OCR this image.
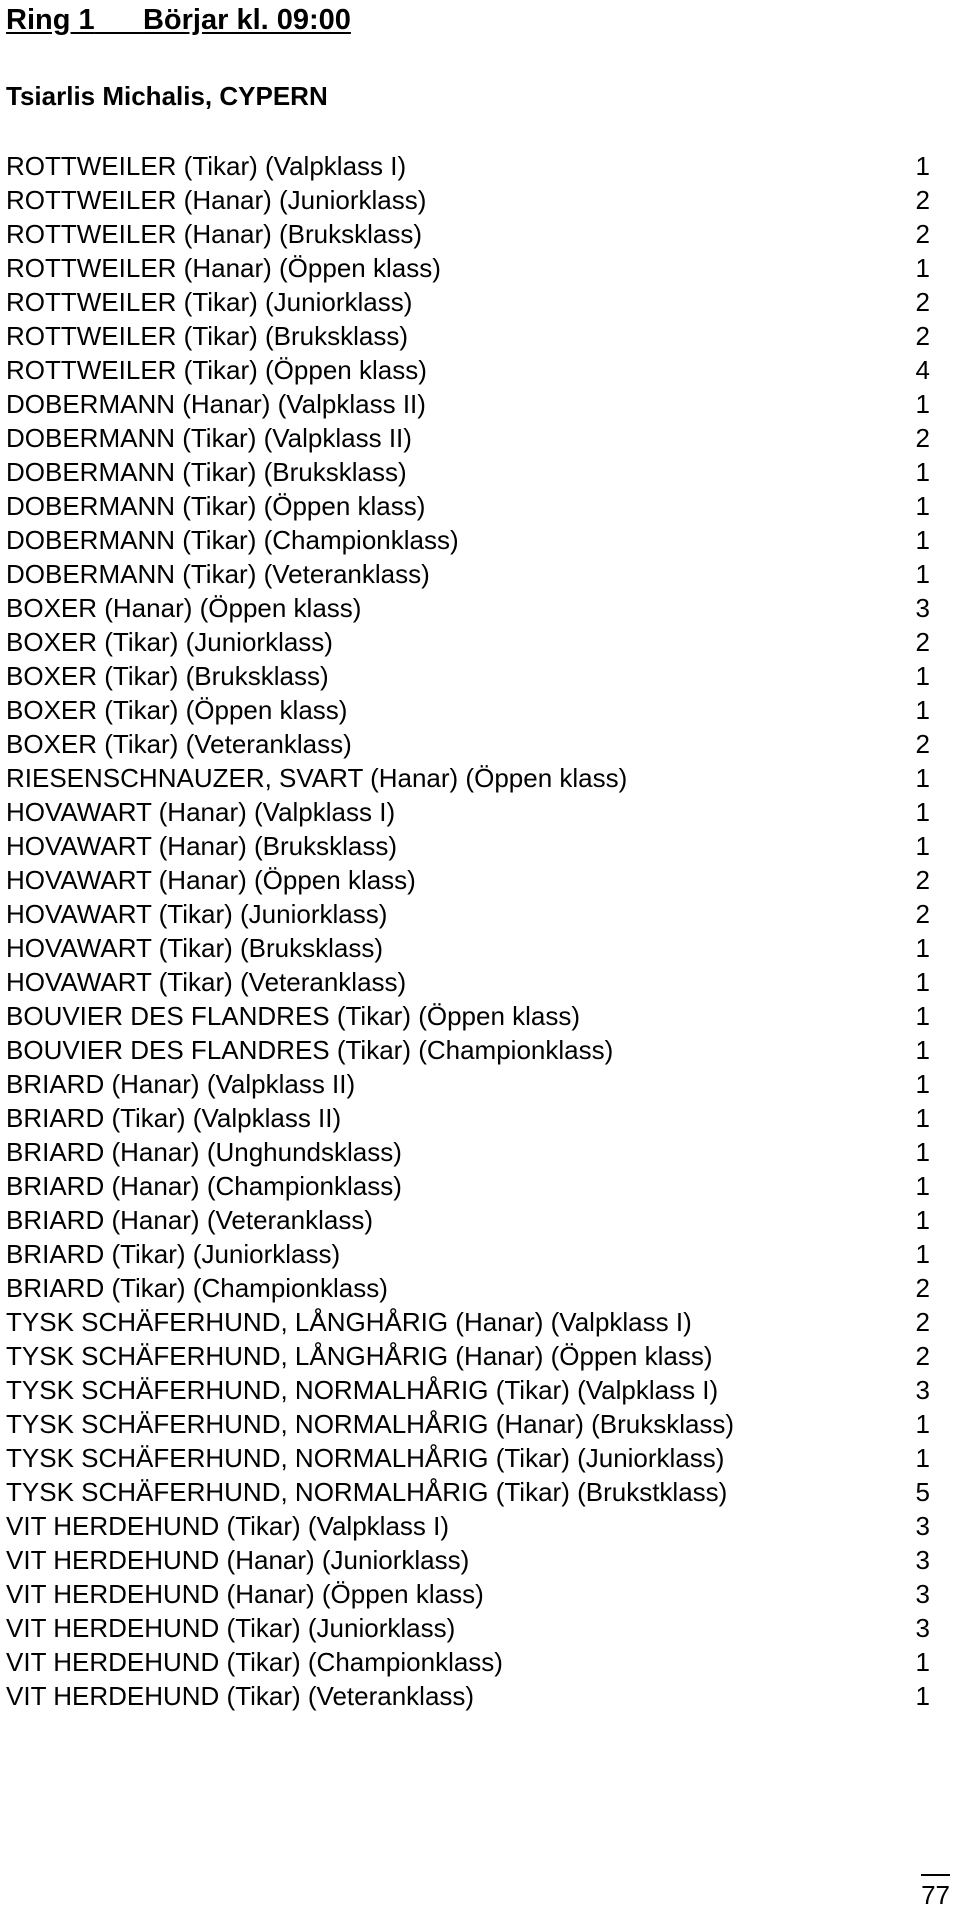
Ring 1 Börjar kl. 09:00
Tsiarlis Michalis, CYPERN
ROTTWEILER (Tikar) (Valpklass I)	1
ROTTWEILER (Hanar) (Juniorklass)	2
ROTTWEILER (Hanar) (Bruksklass)	2
ROTTWEILER (Hanar) (Öppen klass)	1
ROTTWEILER (Tikar) (Juniorklass)	2
ROTTWEILER (Tikar) (Bruksklass)	2
ROTTWEILER (Tikar) (Öppen klass)	4
DOBERMANN (Hanar) (Valpklass II)	1
DOBERMANN (Tikar) (Valpklass II)	2
DOBERMANN (Tikar) (Bruksklass)	1
DOBERMANN (Tikar) (Öppen klass)	1
DOBERMANN (Tikar) (Championklass)	1
DOBERMANN (Tikar) (Veteranklass)	1
BOXER (Hanar) (Öppen klass)	3
BOXER (Tikar) (Juniorklass)	2
BOXER (Tikar) (Bruksklass)	1
BOXER (Tikar) (Öppen klass)	1
BOXER (Tikar) (Veteranklass)	2
RIESENSCHNAUZER, SVART (Hanar) (Öppen klass)	1
HOVAWART (Hanar) (Valpklass I)	1
HOVAWART (Hanar) (Bruksklass)	1
HOVAWART (Hanar) (Öppen klass)	2
HOVAWART (Tikar) (Juniorklass)	2
HOVAWART (Tikar) (Bruksklass)	1
HOVAWART (Tikar) (Veteranklass)	1
BOUVIER DES FLANDRES (Tikar) (Öppen klass)	1
BOUVIER DES FLANDRES (Tikar) (Championklass)	1
BRIARD (Hanar) (Valpklass II)	1
BRIARD (Tikar) (Valpklass II)	1
BRIARD (Hanar) (Unghundsklass)	1
BRIARD (Hanar) (Championklass)	1
BRIARD (Hanar) (Veteranklass)	1
BRIARD (Tikar) (Juniorklass)	1
BRIARD (Tikar) (Championklass)	2
TYSK SCHÄFERHUND, LÅNGHÅRIG (Hanar) (Valpklass I)	2
TYSK SCHÄFERHUND, LÅNGHÅRIG (Hanar) (Öppen klass)	2
TYSK SCHÄFERHUND, NORMALHÅRIG (Tikar) (Valpklass I)	3
TYSK SCHÄFERHUND, NORMALHÅRIG (Hanar) (Bruksklass)	1
TYSK SCHÄFERHUND, NORMALHÅRIG (Tikar) (Juniorklass)	1
TYSK SCHÄFERHUND, NORMALHÅRIG (Tikar) (Brukstklass)	5
VIT HERDEHUND (Tikar) (Valpklass I)	3
VIT HERDEHUND (Hanar) (Juniorklass)	3
VIT HERDEHUND (Hanar) (Öppen klass)	3
VIT HERDEHUND (Tikar) (Juniorklass)	3
VIT HERDEHUND (Tikar) (Championklass)	1
VIT HERDEHUND (Tikar) (Veteranklass)	1
77
